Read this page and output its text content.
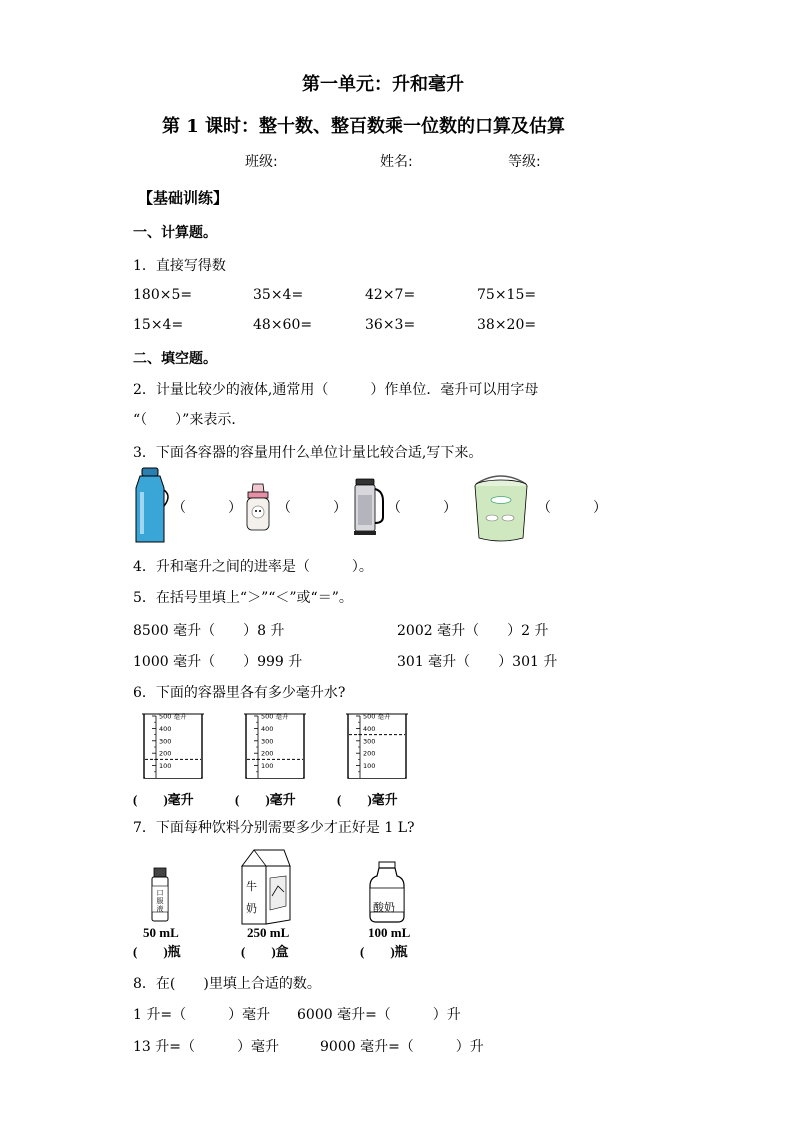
第一单元：升和毫升
第 1 课时：整十数、整百数乘一位数的口算及估算
班级:	姓名:	等级:
【基础训练】
一、计算题。
1．直接写得数
180×5=	35×4=	42×7=	75×15=
15×4=	48×60=	36×3=	38×20=
二、填空题。
2．计量比较少的液体,通常用（　　　）作单位．毫升可以用字母
“（　　）”来表示．
3．下面各容器的容量用什么单位计量比较合适,写下来。
（　　　）	（　　　）	（　　　）	（　　　）
4．升和毫升之间的进率是（　　　）。
5．在括号里填上“＞”“＜”或“＝”。
8500 毫升（　　）8 升	2002 毫升（　　）2 升
1000 毫升（　　）999 升	301 毫升（　　）301 升
6．下面的容器里各有多少毫升水?
500 毫升
400
300
200
100
500 毫升
400
300
200
100
500 毫升
400
300
200
100
(　　)毫升	(　　)毫升	(　　)毫升
7．下面每种饮料分别需要多少才正好是 1 L?
口服液
50 mL
(　　)瓶
牛奶
250 mL
(　　)盒
酸奶
100 mL
(　　)瓶
8．在(　　)里填上合适的数。
1 升=（　　　）毫升 6000 毫升=（　　　）升
13 升=（　　　）毫升	9000 毫升=（　　　）升
